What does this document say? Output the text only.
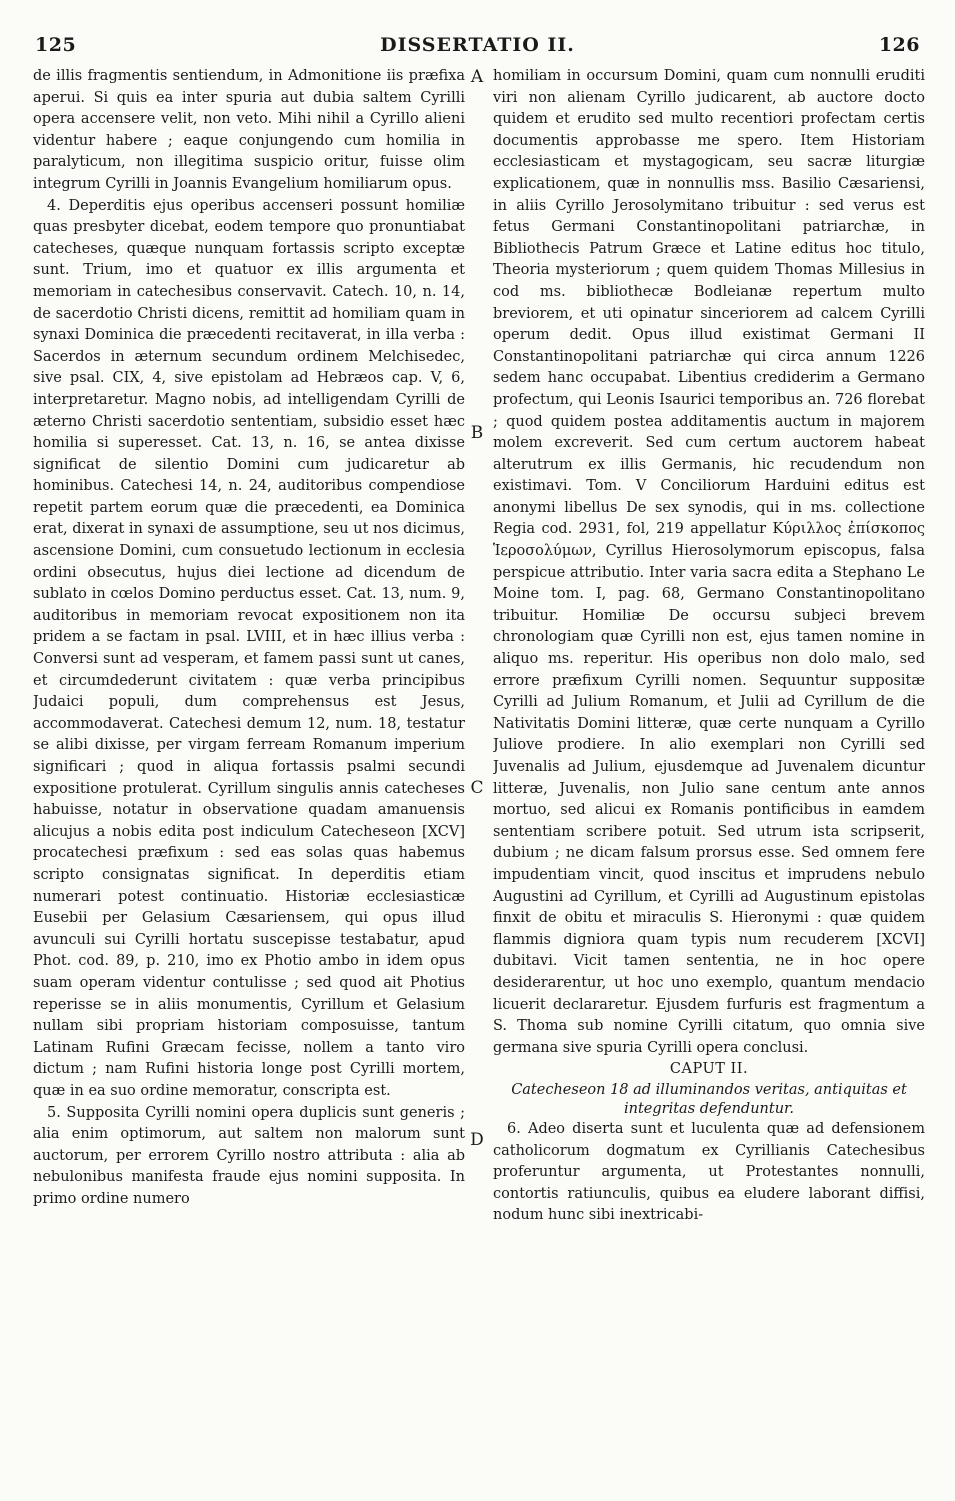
125	DISSERTATIO II.	126
A
B
C
D

de illis fragmentis sentiendum, in Admonitione iis præfixa aperui. Si quis ea inter spuria aut dubia saltem Cyrilli opera accensere velit, non veto. Mihi nihil a Cyrillo alieni videntur habere ; eaque conjungendo cum homilia in paralyticum, non illegitima suspicio oritur, fuisse olim integrum Cyrilli in Joannis Evangelium homiliarum opus.

4. Deperditis ejus operibus accenseri possunt homiliæ quas presbyter dicebat, eodem tempore quo pronuntiabat catecheses, quæque nunquam fortassis scripto exceptæ sunt. Trium, imo et quatuor ex illis argumenta et memoriam in catechesibus conservavit. Catech. 10, n. 14, de sacerdotio Christi dicens, remittit ad homiliam quam in synaxi Dominica die præcedenti recitaverat, in illa verba : Sacerdos in æternum secundum ordinem Melchisedec, sive psal. CIX, 4, sive epistolam ad Hebræos cap. V, 6, interpretaretur. Magno nobis, ad intelligendam Cyrilli de æterno Christi sacerdotio sententiam, subsidio esset hæc homilia si superesset. Cat. 13, n. 16, se antea dixisse significat de silentio Domini cum judicaretur ab hominibus. Catechesi 14, n. 24, auditoribus compendiose repetit partem eorum quæ die præcedenti, ea Dominica erat, dixerat in synaxi de assumptione, seu ut nos dicimus, ascensione Domini, cum consuetudo lectionum in ecclesia ordini obsecutus, hujus diei lectione ad dicendum de sublato in cœlos Domino perductus esset. Cat. 13, num. 9, auditoribus in memoriam revocat expositionem non ita pridem a se factam in psal. LVIII, et in hæc illius verba : Conversi sunt ad vesperam, et famem passi sunt ut canes, et circumdederunt civitatem : quæ verba principibus Judaici populi, dum comprehensus est Jesus, accommodaverat. Catechesi demum 12, num. 18, testatur se alibi dixisse, per virgam ferream Romanum imperium significari ; quod in aliqua fortassis psalmi secundi expositione protulerat. Cyrillum singulis annis catecheses habuisse, notatur in observatione quadam amanuensis alicujus a nobis edita post indiculum Catecheseon [XCV] procatechesi præfixum : sed eas solas quas habemus scripto consignatas significat. In deperditis etiam numerari potest continuatio. Historiæ ecclesiasticæ Eusebii per Gelasium Cæsariensem, qui opus illud avunculi sui Cyrilli hortatu suscepisse testabatur, apud Phot. cod. 89, p. 210, imo ex Photio ambo in idem opus suam operam videntur contulisse ; sed quod ait Photius reperisse se in aliis monumentis, Cyrillum et Gelasium nullam sibi propriam historiam composuisse, tantum Latinam Rufini Græcam fecisse, nollem a tanto viro dictum ; nam Rufini historia longe post Cyrilli mortem, quæ in ea suo ordine memoratur, conscripta est.

5. Supposita Cyrilli nomini opera duplicis sunt generis ; alia enim optimorum, aut saltem non malorum sunt auctorum, per errorem Cyrillo nostro attributa : alia ab nebulonibus manifesta fraude ejus nomini supposita. In primo ordine numero

homiliam in occursum Domini, quam cum nonnulli eruditi viri non alienam Cyrillo judicarent, ab auctore docto quidem et erudito sed multo recentiori profectam certis documentis approbasse me spero. Item Historiam ecclesiasticam et mystagogicam, seu sacræ liturgiæ explicationem, quæ in nonnullis mss. Basilio Cæsariensi, in aliis Cyrillo Jerosolymitano tribuitur : sed verus est fetus Germani Constantinopolitani patriarchæ, in Bibliothecis Patrum Græce et Latine editus hoc titulo, Theoria mysteriorum ; quem quidem Thomas Millesius in cod ms. bibliothecæ Bodleianæ repertum multo breviorem, et uti opinatur sinceriorem ad calcem Cyrilli operum dedit. Opus illud existimat Germani II Constantinopolitani patriarchæ qui circa annum 1226 sedem hanc occupabat. Libentius crediderim a Germano profectum, qui Leonis Isaurici temporibus an. 726 florebat ; quod quidem postea additamentis auctum in majorem molem excreverit. Sed cum certum auctorem habeat alterutrum ex illis Germanis, hic recudendum non existimavi. Tom. V Conciliorum Harduini editus est anonymi libellus De sex synodis, qui in ms. collectione Regia cod. 2931, fol, 219 appellatur Κύριλλος ἐπίσκοπος Ἱεροσολύμων, Cyrillus Hierosolymorum episcopus, falsa perspicue attributio. Inter varia sacra edita a Stephano Le Moine tom. I, pag. 68, Germano Constantinopolitano tribuitur. Homiliæ De occursu subjeci brevem chronologiam quæ Cyrilli non est, ejus tamen nomine in aliquo ms. reperitur. His operibus non dolo malo, sed errore præfixum Cyrilli nomen. Sequuntur suppositæ Cyrilli ad Julium Romanum, et Julii ad Cyrillum de die Nativitatis Domini litteræ, quæ certe nunquam a Cyrillo Juliove prodiere. In alio exemplari non Cyrilli sed Juvenalis ad Julium, ejusdemque ad Juvenalem dicuntur litteræ, Juvenalis, non Julio sane centum ante annos mortuo, sed alicui ex Romanis pontificibus in eamdem sententiam scribere potuit. Sed utrum ista scripserit, dubium ; ne dicam falsum prorsus esse. Sed omnem fere impudentiam vincit, quod inscitus et imprudens nebulo Augustini ad Cyrillum, et Cyrilli ad Augustinum epistolas finxit de obitu et miraculis S. Hieronymi : quæ quidem flammis digniora quam typis num recuderem [XCVI] dubitavi. Vicit tamen sententia, ne in hoc opere desiderarentur, ut hoc uno exemplo, quantum mendacio licuerit declararetur. Ejusdem furfuris est fragmentum a S. Thoma sub nomine Cyrilli citatum, quo omnia sive germana sive spuria Cyrilli opera conclusi.

CAPUT II.

Catecheseon 18 ad illuminandos veritas, antiquitas et integritas defenduntur.

6. Adeo diserta sunt et luculenta quæ ad defensionem catholicorum dogmatum ex Cyrillianis Catechesibus proferuntur argumenta, ut Protestantes nonnulli, contortis ratiunculis, quibus ea eludere laborant diffisi, nodum hunc sibi inextricabi-
